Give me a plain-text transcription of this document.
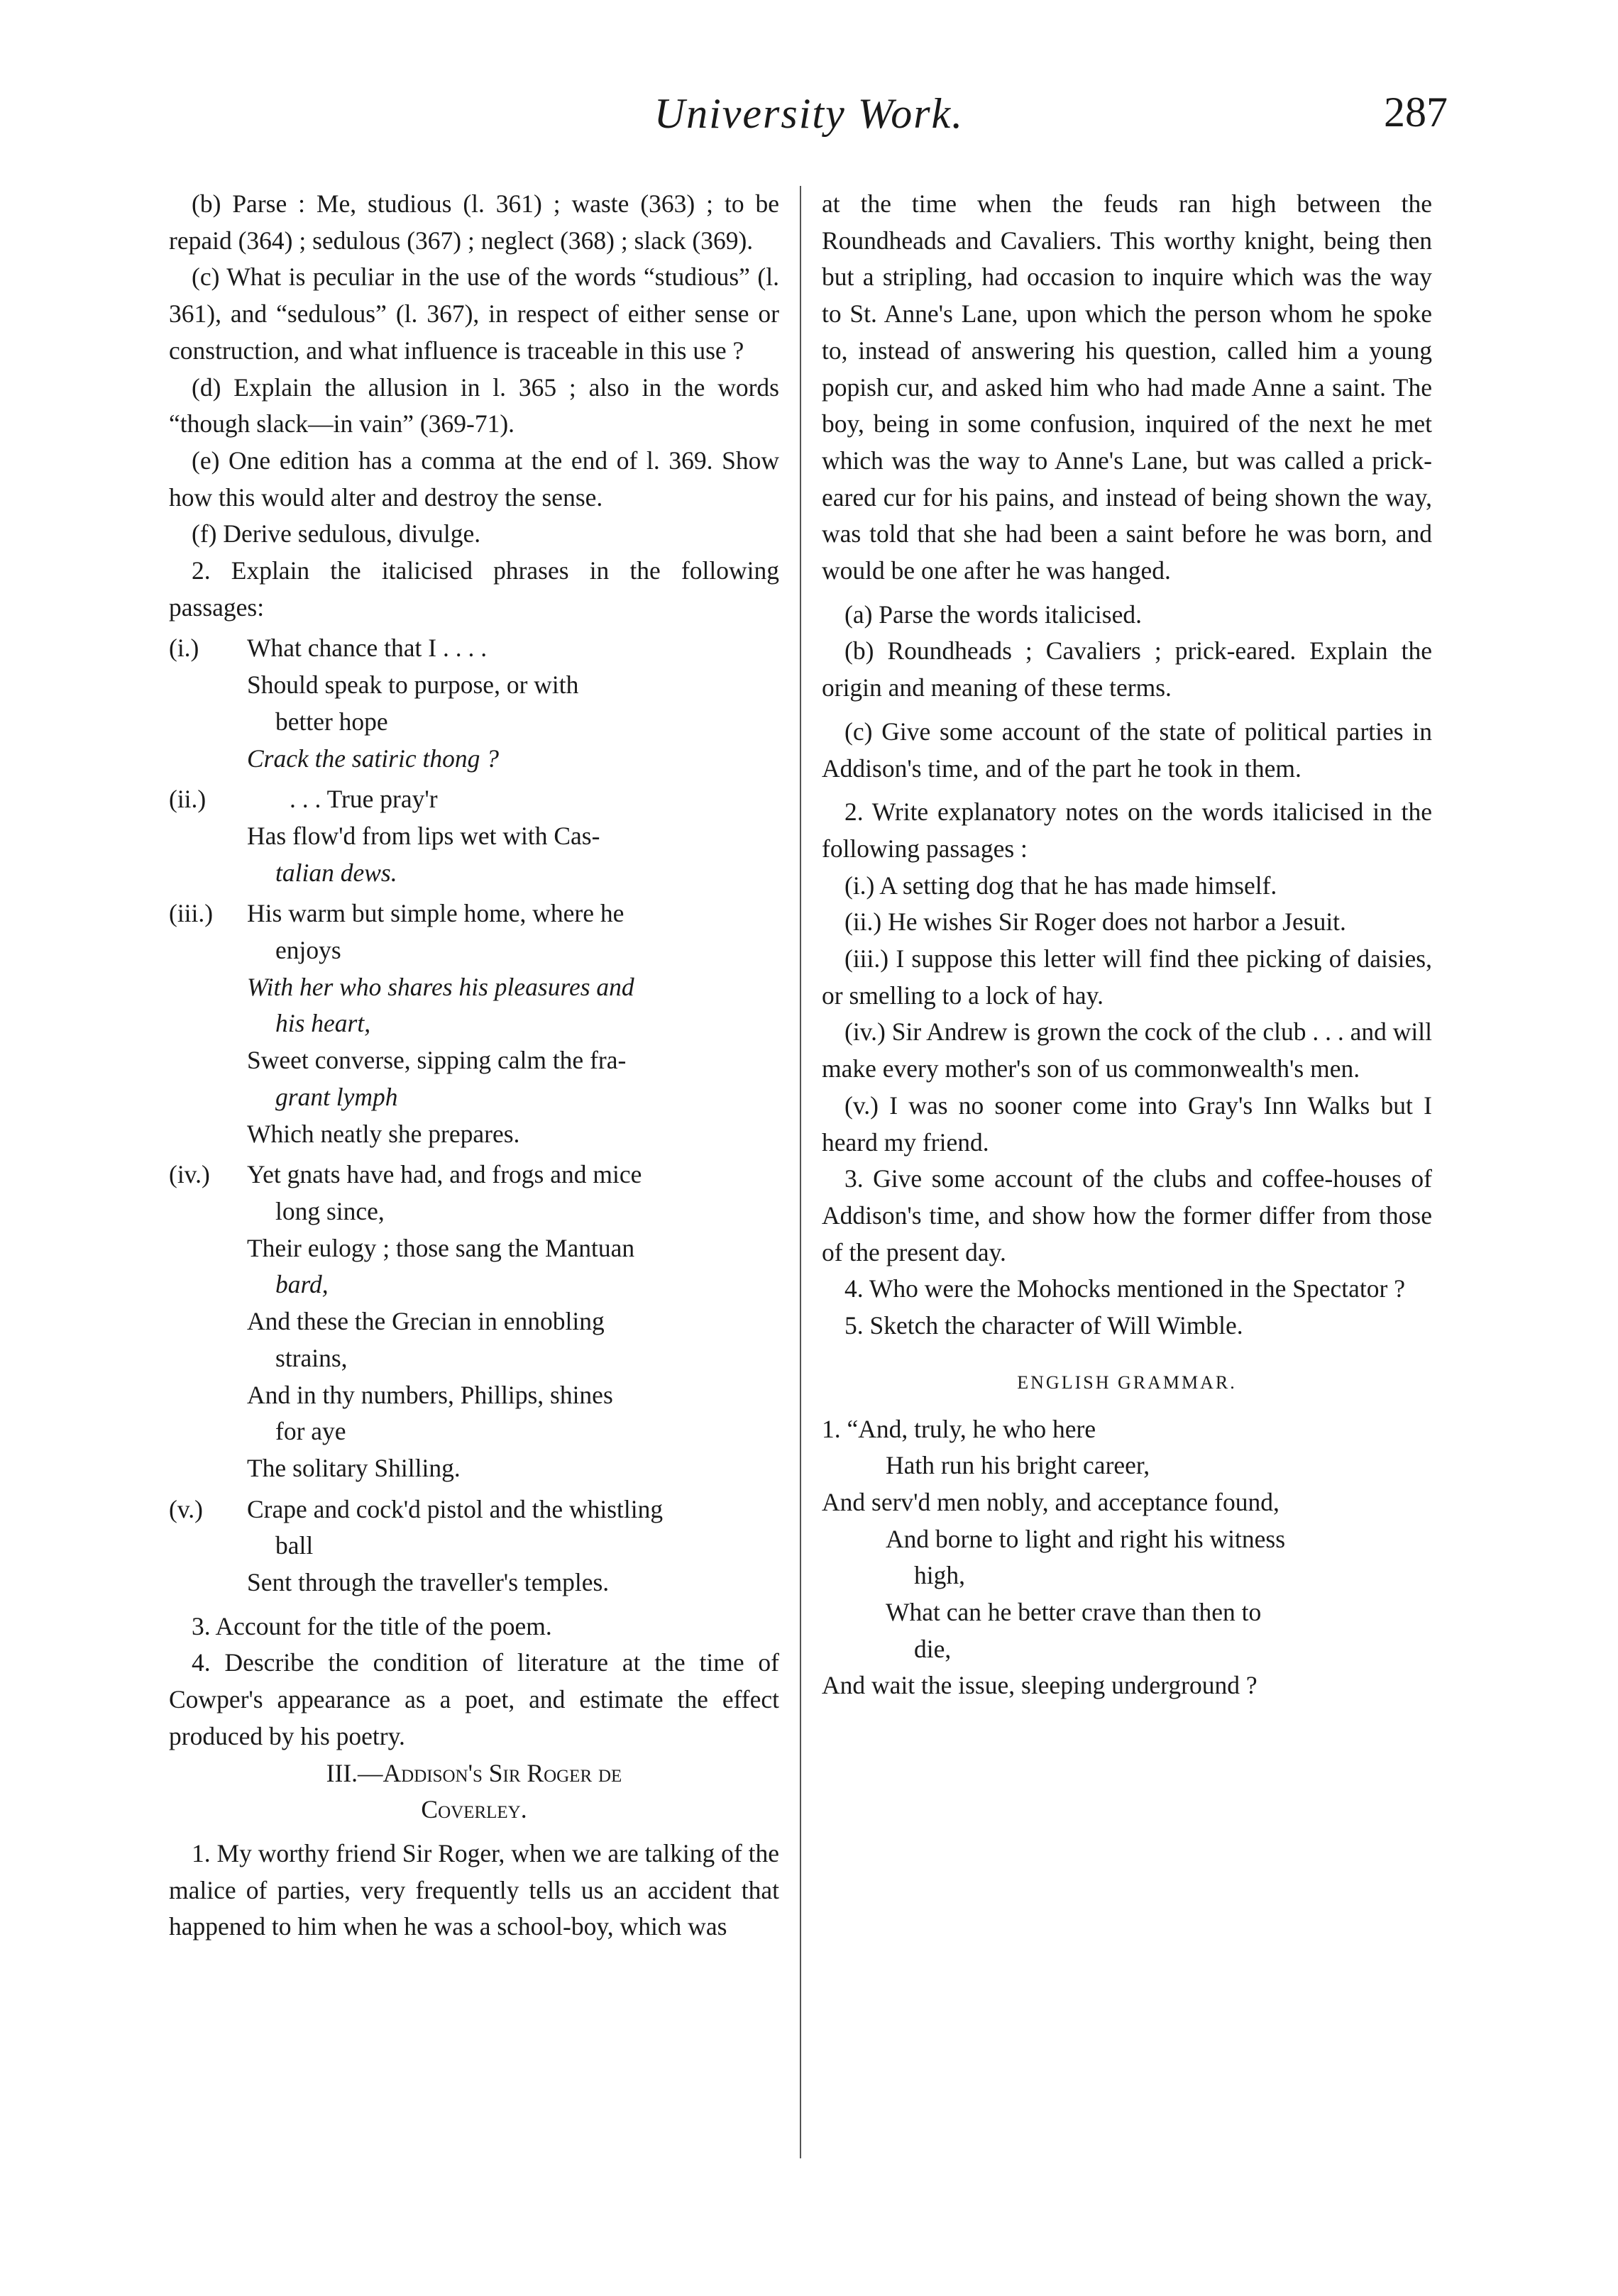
University Work.	287

(b) Parse : Me, studious (l. 361) ; waste (363) ; to be repaid (364) ; sedulous (367) ; neglect (368) ; slack (369).

(c) What is peculiar in the use of the words “studious” (l. 361), and “sedulous” (l. 367), in respect of either sense or construction, and what influence is traceable in this use ?

(d) Explain the allusion in l. 365 ; also in the words “though slack—in vain” (369-71).

(e) One edition has a comma at the end of l. 369. Show how this would alter and destroy the sense.

(f) Derive sedulous, divulge.

2. Explain the italicised phrases in the following passages:

(i.)	What chance that I . . . .

Should speak to purpose, or with

better hope

Crack the satiric thong ?

(ii.)	. . . True pray'r

Has flow'd from lips wet with Cas-

talian dews.

(iii.)	His warm but simple home, where he

enjoys

With her who shares his pleasures and

his heart,

Sweet converse, sipping calm the fra-

grant lymph

Which neatly she prepares.

(iv.)	Yet gnats have had, and frogs and mice

long since,

Their eulogy ; those sang the Mantuan

bard,

And these the Grecian in ennobling

strains,

And in thy numbers, Phillips, shines

for aye

The solitary Shilling.

(v.)	Crape and cock'd pistol and the whistling

ball

Sent through the traveller's temples.

3. Account for the title of the poem.

4. Describe the condition of literature at the time of Cowper's appearance as a poet, and estimate the effect produced by his poetry.

III.—Addison's Sir Roger de

Coverley.

1. My worthy friend Sir Roger, when we are talking of the malice of parties, very frequently tells us an accident that happened to him when he was a school-boy, which was

at the time when the feuds ran high between the Roundheads and Cavaliers. This worthy knight, being then but a stripling, had occasion to inquire which was the way to St. Anne's Lane, upon which the person whom he spoke to, instead of answering his question, called him a young popish cur, and asked him who had made Anne a saint. The boy, being in some confusion, inquired of the next he met which was the way to Anne's Lane, but was called a prick-eared cur for his pains, and instead of being shown the way, was told that she had been a saint before he was born, and would be one after he was hanged.

(a) Parse the words italicised.

(b) Roundheads ; Cavaliers ; prick-eared. Explain the origin and meaning of these terms.

(c) Give some account of the state of political parties in Addison's time, and of the part he took in them.

2. Write explanatory notes on the words italicised in the following passages :

(i.) A setting dog that he has made himself.

(ii.) He wishes Sir Roger does not harbor a Jesuit.

(iii.) I suppose this letter will find thee picking of daisies, or smelling to a lock of hay.

(iv.) Sir Andrew is grown the cock of the club . . . and will make every mother's son of us commonwealth's men.

(v.) I was no sooner come into Gray's Inn Walks but I heard my friend.

3. Give some account of the clubs and coffee-houses of Addison's time, and show how the former differ from those of the present day.

4. Who were the Mohocks mentioned in the Spectator ?

5. Sketch the character of Will Wimble.

ENGLISH GRAMMAR.

1. “And, truly, he who here

Hath run his bright career,

And serv'd men nobly, and acceptance found,

And borne to light and right his witness

high,

What can he better crave than then to

die,

And wait the issue, sleeping underground ?
